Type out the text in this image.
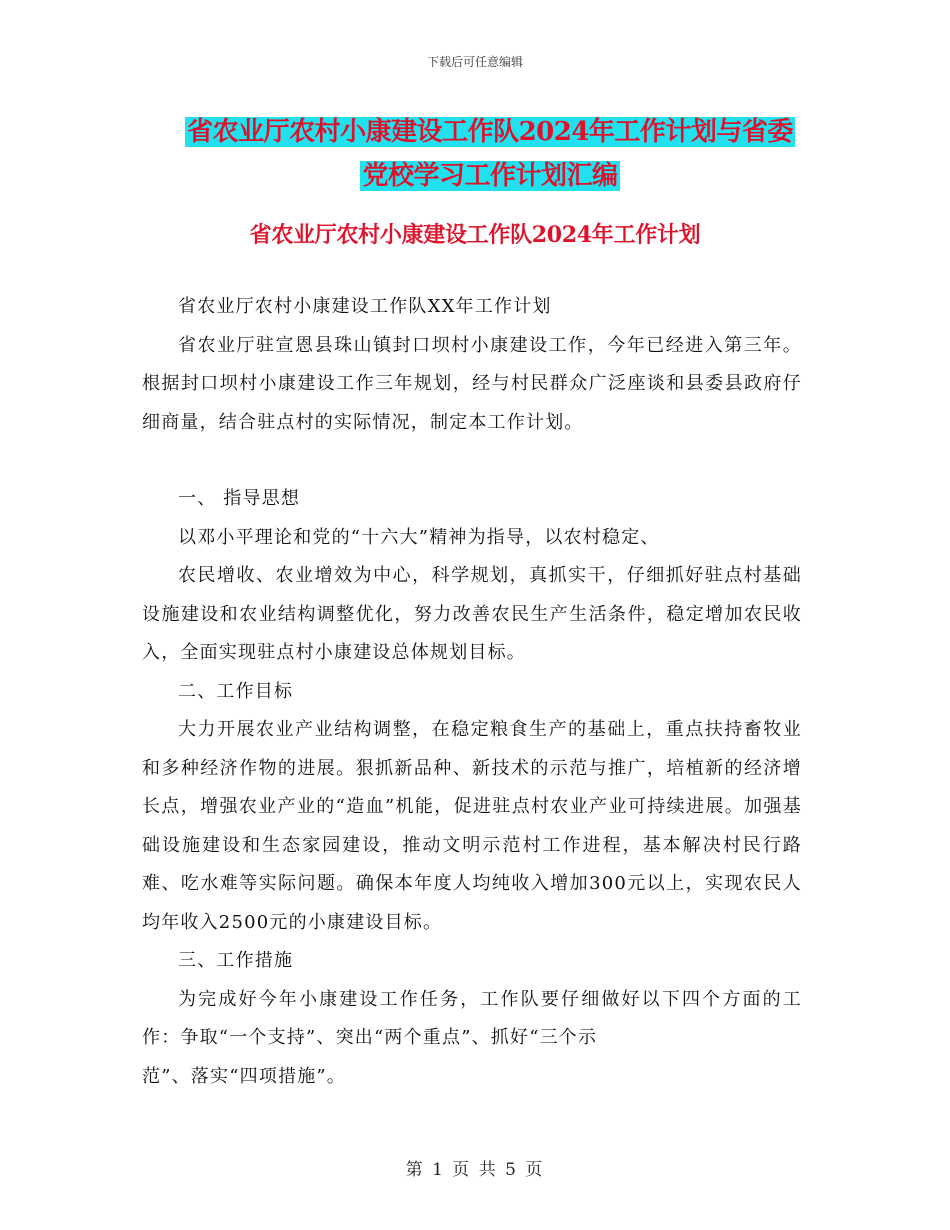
下载后可任意编辑
省农业厅农村小康建设工作队2024年工作计划与省委
党校学习工作计划汇编
省农业厅农村小康建设工作队2024年工作计划

省农业厅农村小康建设工作队XX年工作计划

省农业厅驻宣恩县珠山镇封口坝村小康建设工作，今年已经进入第三年。根据封口坝村小康建设工作三年规划，经与村民群众广泛座谈和县委县政府仔细商量，结合驻点村的实际情况，制定本工作计划。

一、 指导思想

以邓小平理论和党的“十六大”精神为指导，以农村稳定、

农民增收、农业增效为中心，科学规划，真抓实干，仔细抓好驻点村基础设施建设和农业结构调整优化，努力改善农民生产生活条件，稳定增加农民收入，全面实现驻点村小康建设总体规划目标。

二、工作目标

大力开展农业产业结构调整，在稳定粮食生产的基础上，重点扶持畜牧业和多种经济作物的进展。狠抓新品种、新技术的示范与推广，培植新的经济增长点，增强农业产业的“造血”机能，促进驻点村农业产业可持续进展。加强基础设施建设和生态家园建设，推动文明示范村工作进程，基本解决村民行路难、吃水难等实际问题。确保本年度人均纯收入增加300元以上，实现农民人均年收入2500元的小康建设目标。

三、工作措施

为完成好今年小康建设工作任务，工作队要仔细做好以下四个方面的工作：争取“一个支持”、突出“两个重点”、抓好“三个示

范”、落实“四项措施”。

第 1 页 共 5 页
